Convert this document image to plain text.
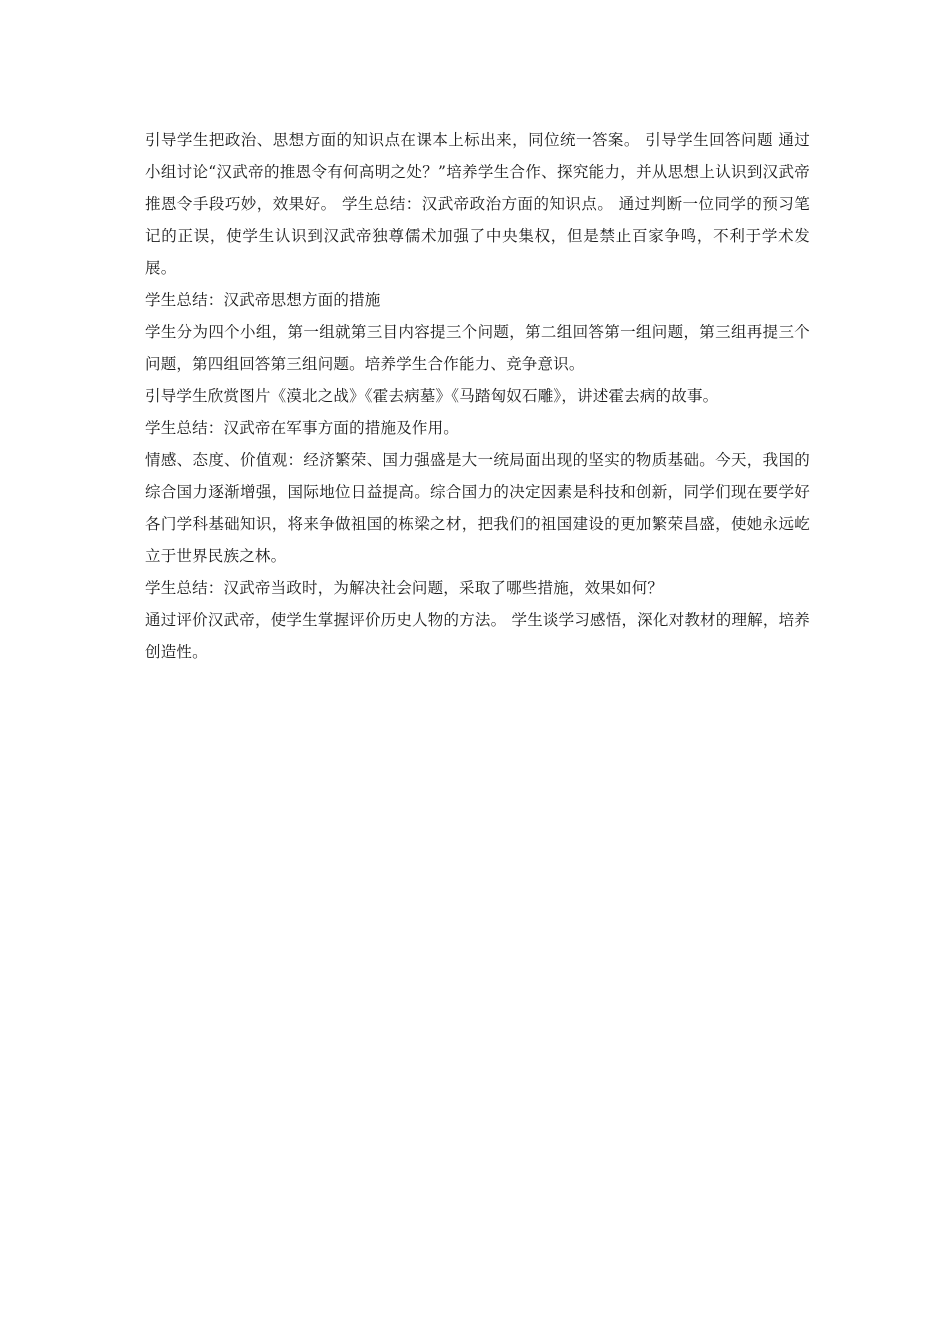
引导学生把政治、思想方面的知识点在课本上标出来，同位统一答案。 引导学生回答问题 通过小组讨论“汉武帝的推恩令有何高明之处？”培养学生合作、探究能力，并从思想上认识到汉武帝推恩令手段巧妙，效果好。 学生总结：汉武帝政治方面的知识点。 通过判断一位同学的预习笔记的正误，使学生认识到汉武帝独尊儒术加强了中央集权，但是禁止百家争鸣，不利于学术发展。

学生总结：汉武帝思想方面的措施

学生分为四个小组，第一组就第三目内容提三个问题，第二组回答第一组问题，第三组再提三个问题，第四组回答第三组问题。培养学生合作能力、竞争意识。

引导学生欣赏图片《漠北之战》《霍去病墓》《马踏匈奴石雕》，讲述霍去病的故事。

学生总结：汉武帝在军事方面的措施及作用。

情感、态度、价值观：经济繁荣、国力强盛是大一统局面出现的坚实的物质基础。今天，我国的综合国力逐渐增强，国际地位日益提高。综合国力的决定因素是科技和创新，同学们现在要学好各门学科基础知识，将来争做祖国的栋梁之材，把我们的祖国建设的更加繁荣昌盛，使她永远屹立于世界民族之林。

学生总结：汉武帝当政时，为解决社会问题，采取了哪些措施，效果如何？

通过评价汉武帝，使学生掌握评价历史人物的方法。 学生谈学习感悟，深化对教材的理解，培养创造性。
